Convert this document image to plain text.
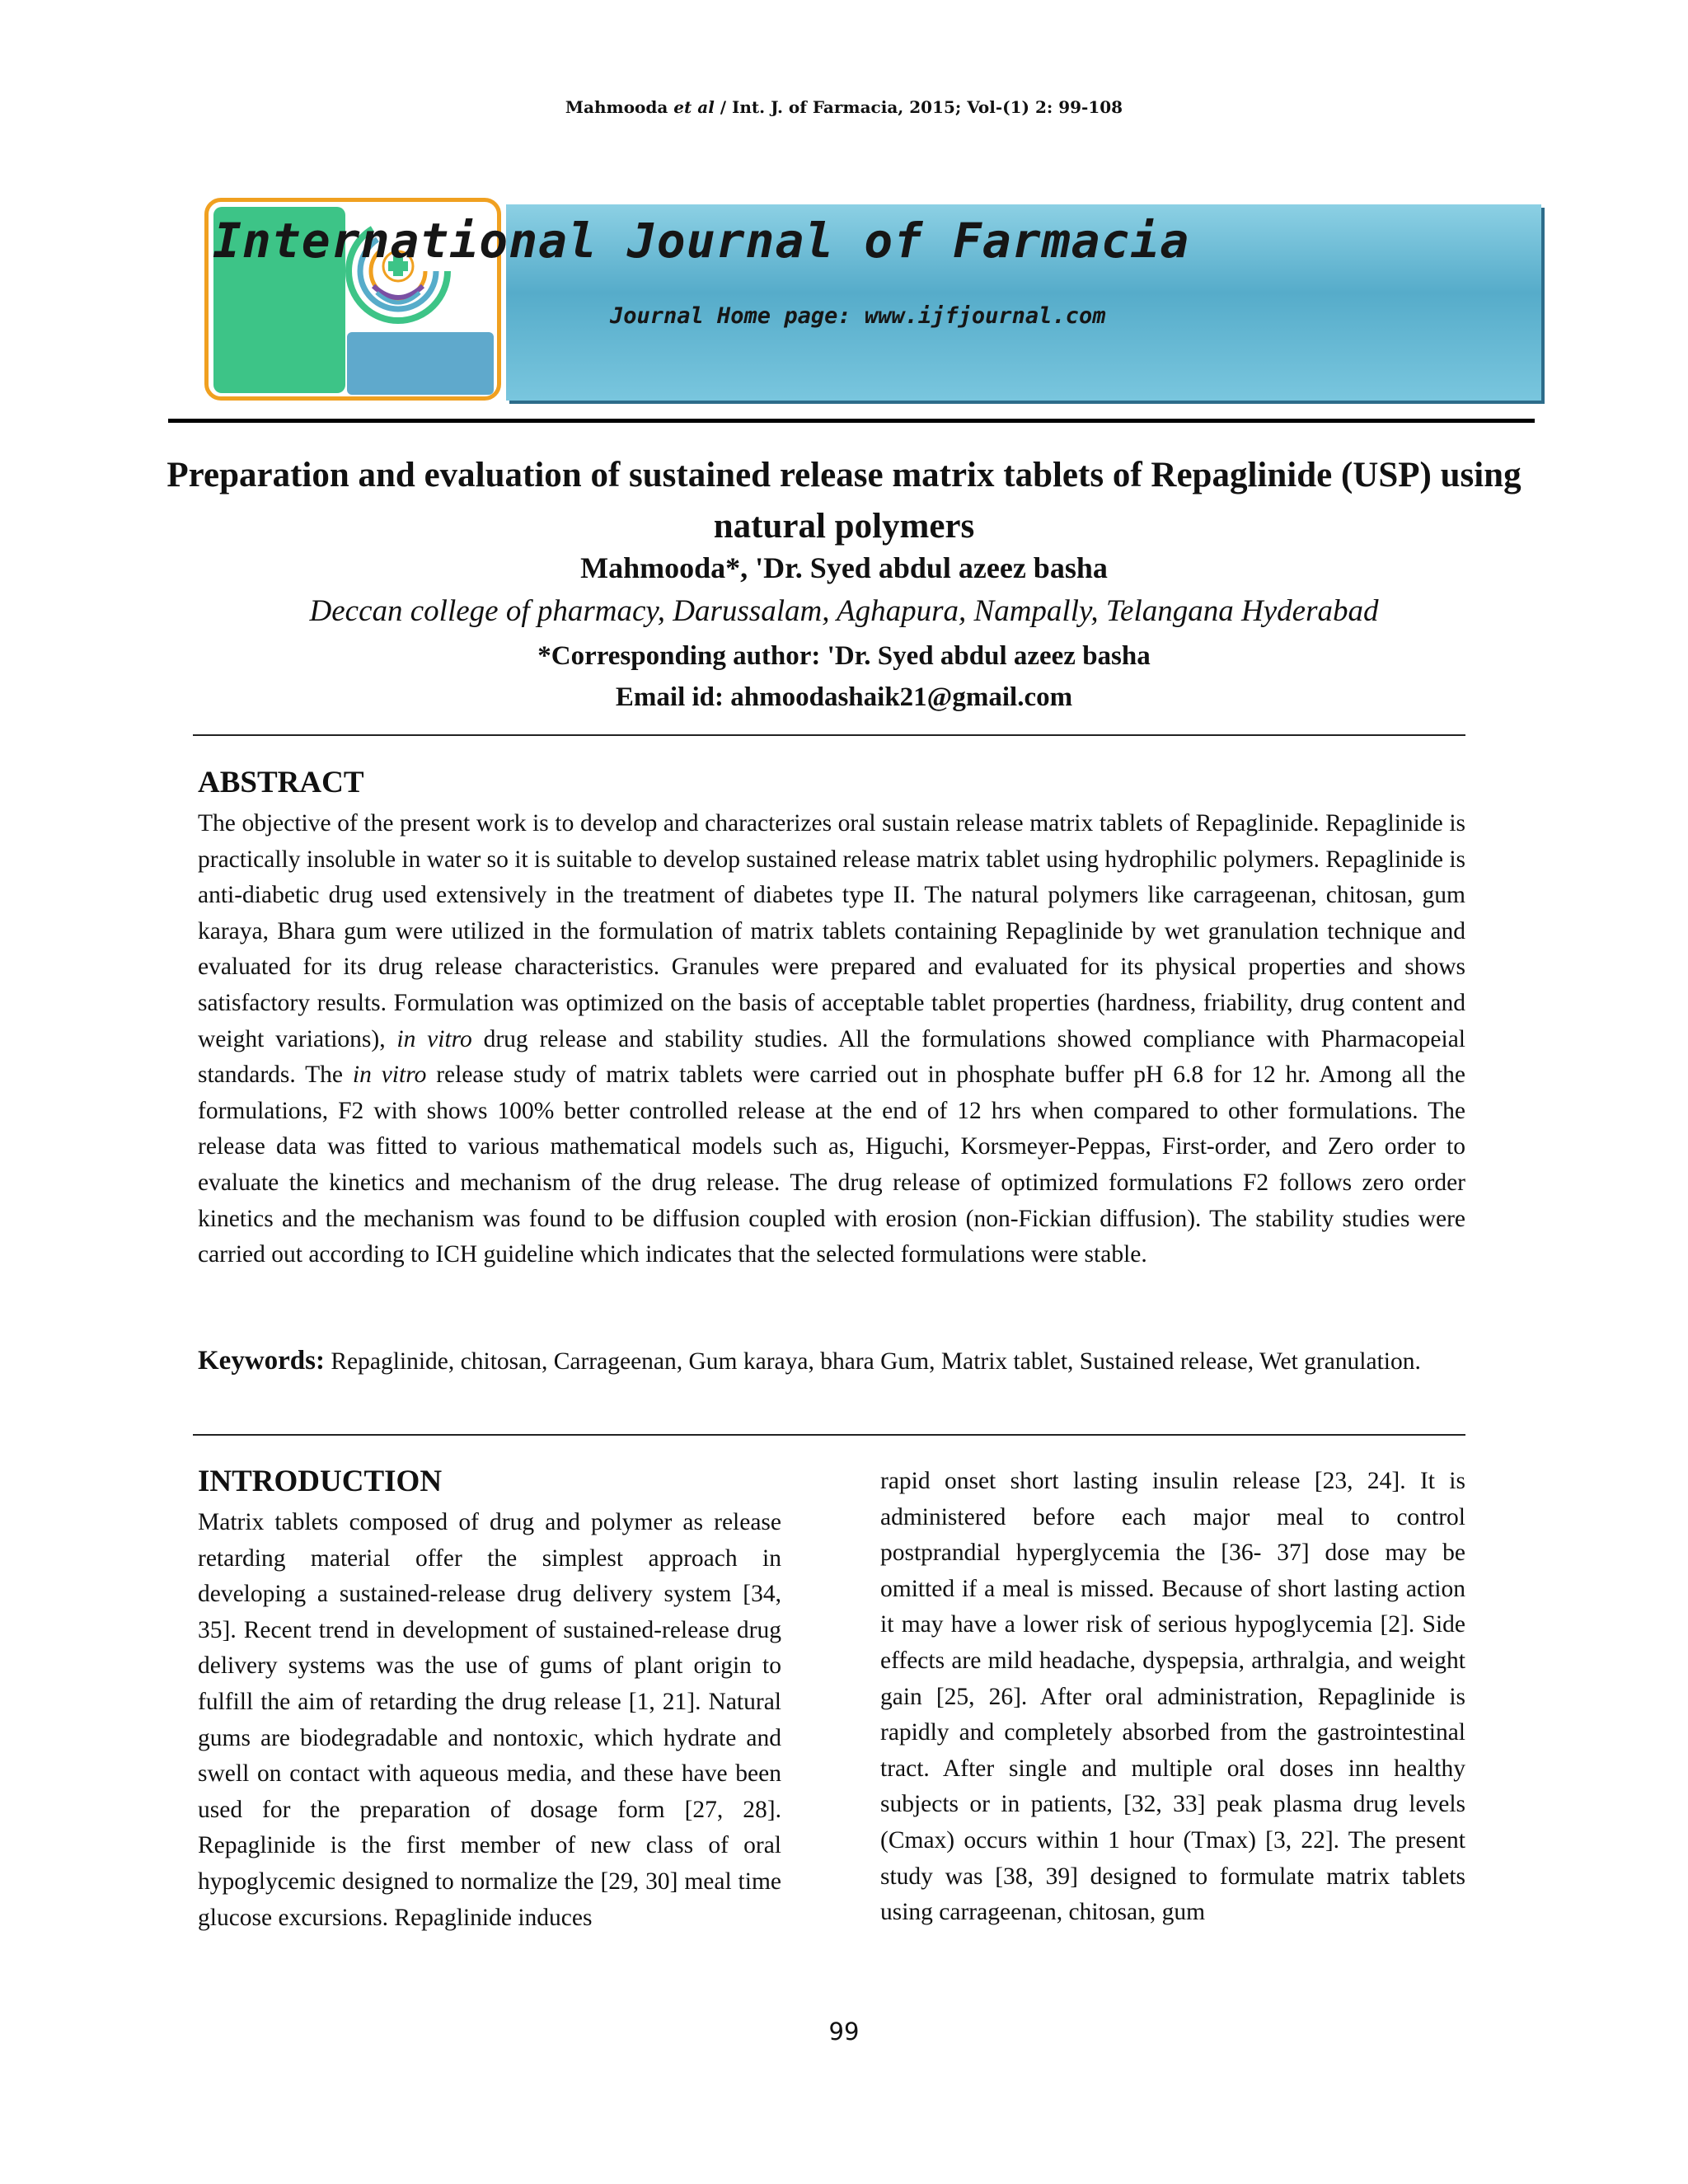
Mahmooda et al / Int. J. of Farmacia, 2015; Vol-(1) 2: 99-108
International Journal of Farmacia
Journal Home page: www.ijfjournal.com
Preparation and evaluation of sustained release matrix tablets of Repaglinide (USP) using natural polymers
Mahmooda*, 'Dr. Syed abdul azeez basha
Deccan college of pharmacy, Darussalam, Aghapura, Nampally, Telangana Hyderabad
*Corresponding author: 'Dr. Syed abdul azeez basha
Email id: ahmoodashaik21@gmail.com
ABSTRACT
The objective of the present work is to develop and characterizes oral sustain release matrix tablets of Repaglinide. Repaglinide is practically insoluble in water so it is suitable to develop sustained release matrix tablet using hydrophilic polymers. Repaglinide is anti-diabetic drug used extensively in the treatment of diabetes type II. The natural polymers like carrageenan, chitosan, gum karaya, Bhara gum were utilized in the formulation of matrix tablets containing Repaglinide by wet granulation technique and evaluated for its drug release characteristics. Granules were prepared and evaluated for its physical properties and shows satisfactory results. Formulation was optimized on the basis of acceptable tablet properties (hardness, friability, drug content and weight variations), in vitro drug release and stability studies. All the formulations showed compliance with Pharmacopeial standards. The in vitro release study of matrix tablets were carried out in phosphate buffer pH 6.8 for 12 hr. Among all the formulations, F2 with shows 100% better controlled release at the end of 12 hrs when compared to other formulations. The release data was fitted to various mathematical models such as, Higuchi, Korsmeyer-Peppas, First-order, and Zero order to evaluate the kinetics and mechanism of the drug release. The drug release of optimized formulations F2 follows zero order kinetics and the mechanism was found to be diffusion coupled with erosion (non-Fickian diffusion). The stability studies were carried out according to ICH guideline which indicates that the selected formulations were stable.
Keywords: Repaglinide, chitosan, Carrageenan, Gum karaya, bhara Gum, Matrix tablet, Sustained release, Wet granulation.
INTRODUCTION
Matrix tablets composed of drug and polymer as release retarding material offer the simplest approach in developing a sustained-release drug delivery system [34, 35]. Recent trend in development of sustained-release drug delivery systems was the use of gums of plant origin to fulfill the aim of retarding the drug release [1, 21]. Natural gums are biodegradable and nontoxic, which hydrate and swell on contact with aqueous media, and these have been used for the preparation of dosage form [27, 28]. Repaglinide is the first member of new class of oral hypoglycemic designed to normalize the [29, 30] meal time glucose excursions. Repaglinide induces
rapid onset short lasting insulin release [23, 24]. It is administered before each major meal to control postprandial hyperglycemia the [36- 37] dose may be omitted if a meal is missed. Because of short lasting action it may have a lower risk of serious hypoglycemia [2]. Side effects are mild headache, dyspepsia, arthralgia, and weight gain [25, 26]. After oral administration, Repaglinide is rapidly and completely absorbed from the gastrointestinal tract. After single and multiple oral doses inn healthy subjects or in patients, [32, 33] peak plasma drug levels (Cmax) occurs within 1 hour (Tmax) [3, 22]. The present study was [38, 39] designed to formulate matrix tablets using carrageenan, chitosan, gum
99
